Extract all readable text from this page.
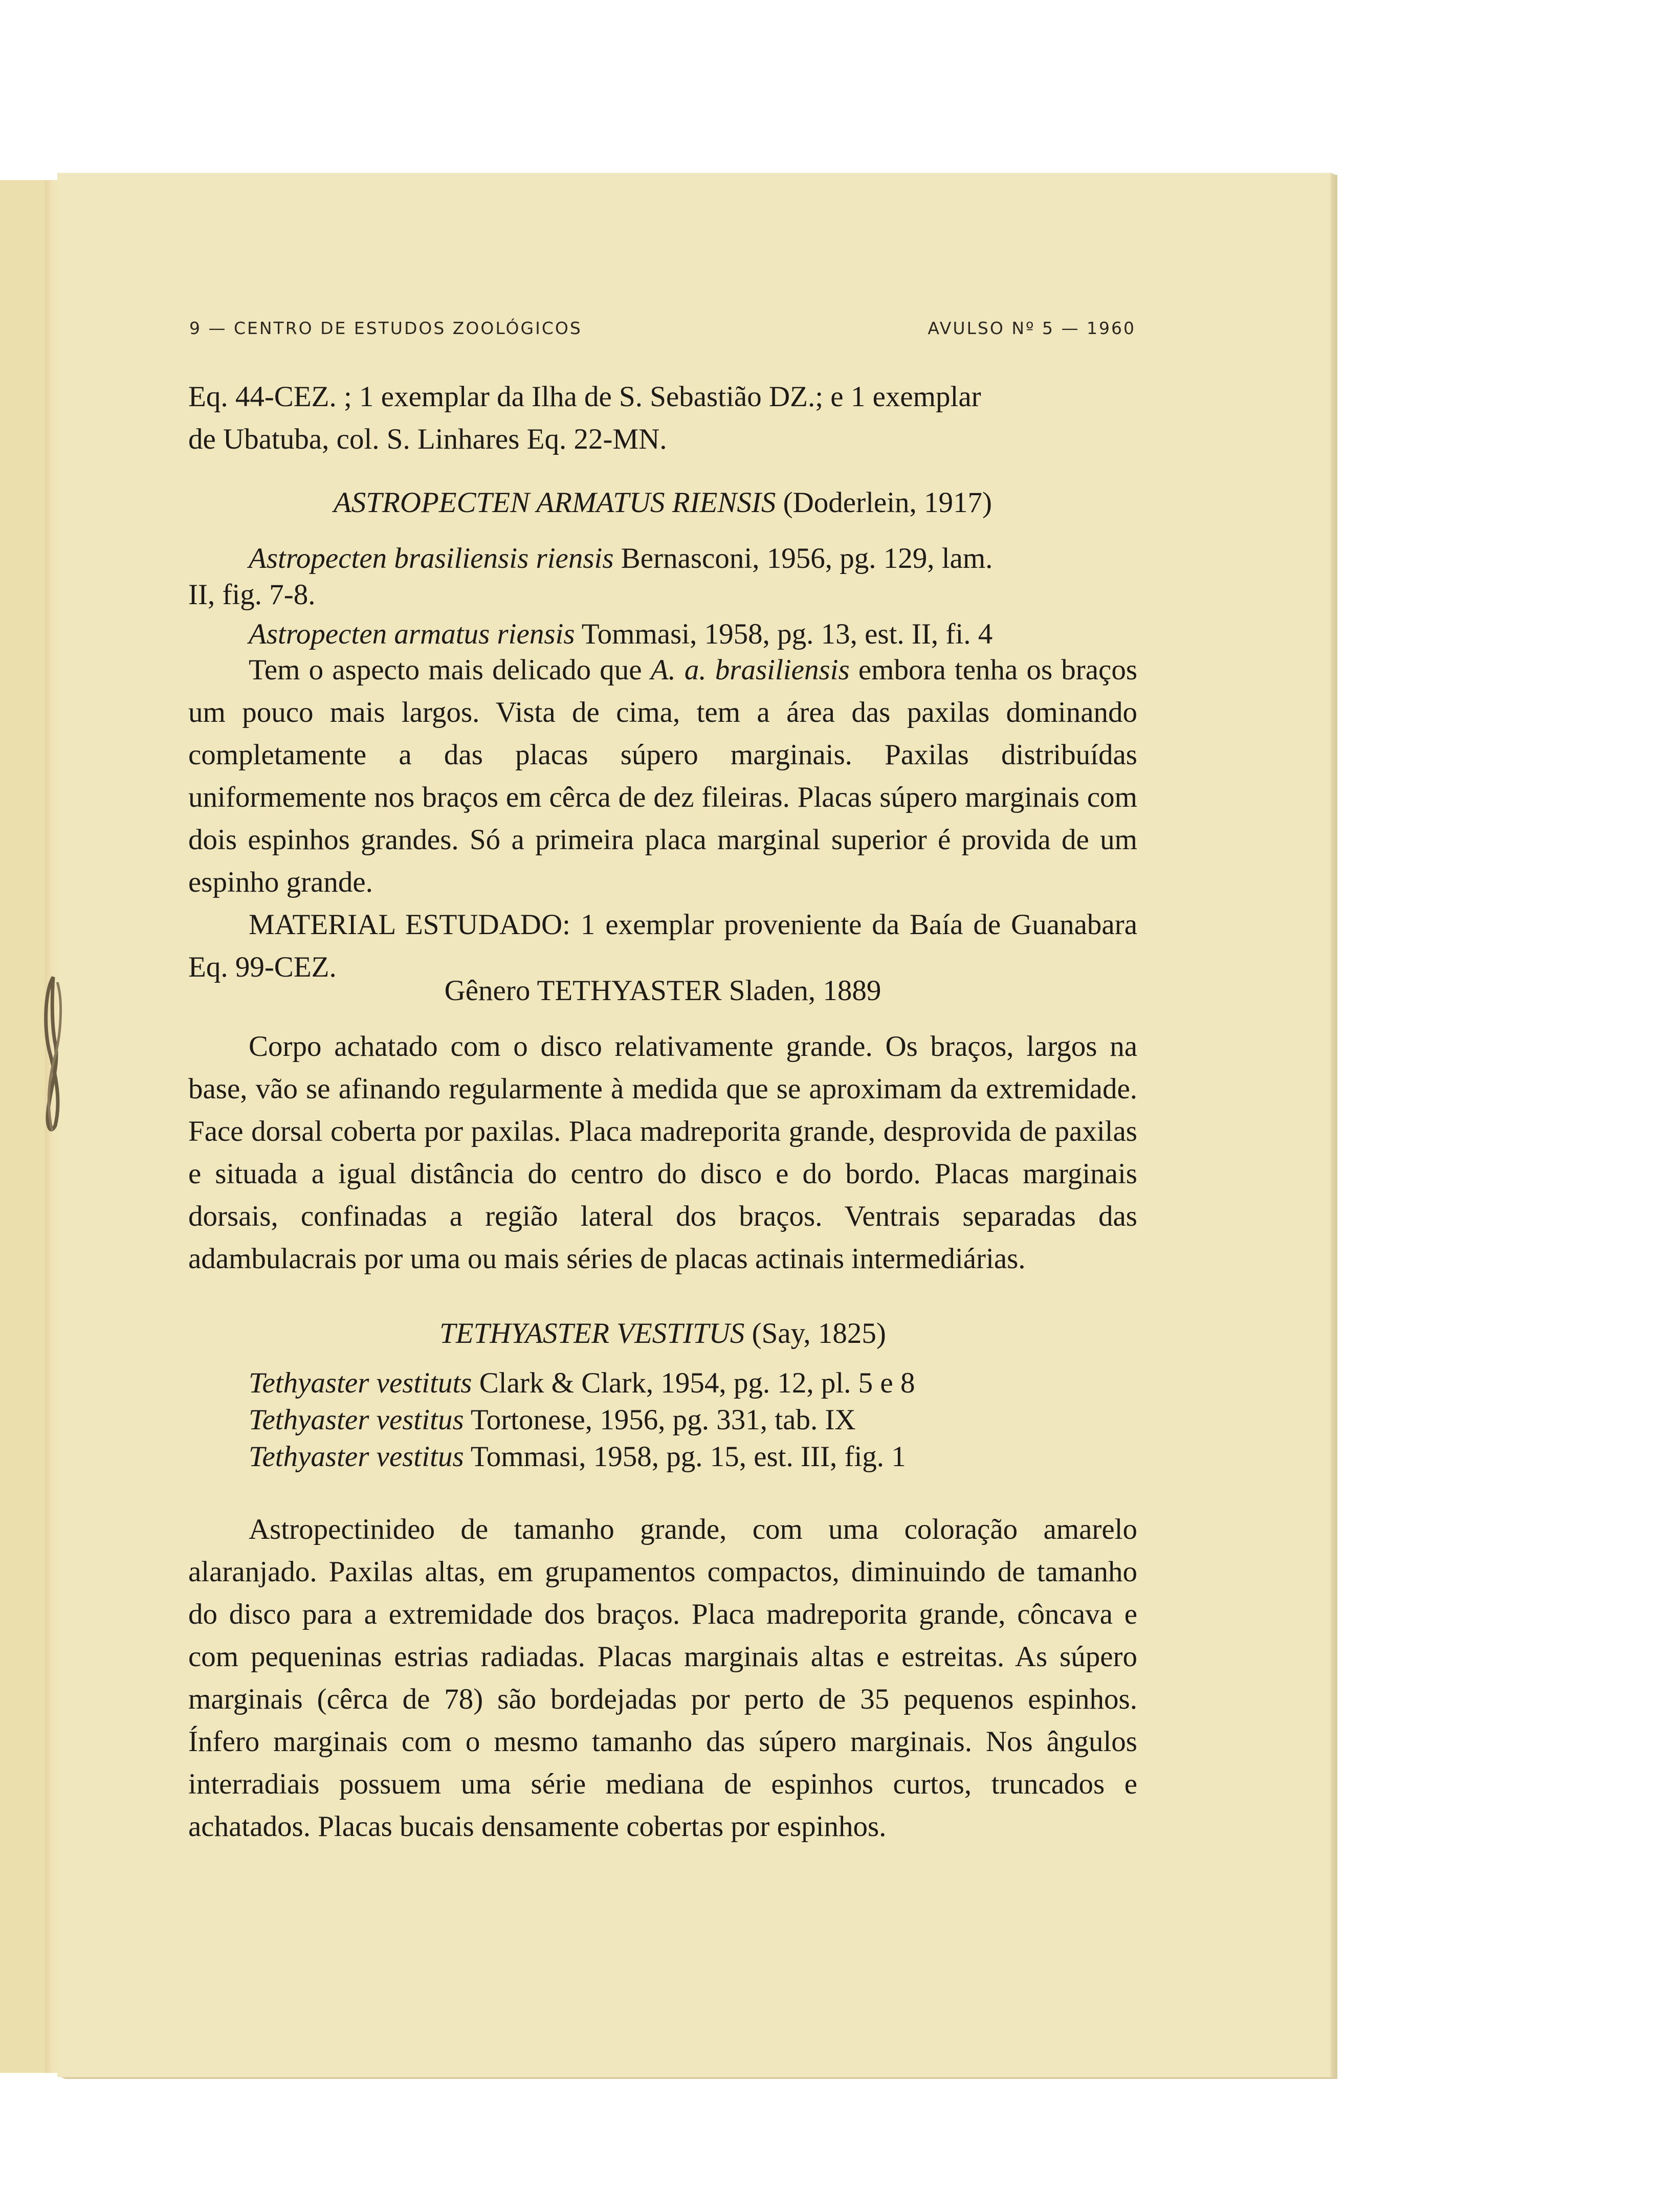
9 — CENTRO DE ESTUDOS ZOOLÓGICOS	AVULSO Nº 5 — 1960

Eq. 44-CEZ. ; 1 exemplar da Ilha de S. Sebastião DZ.; e 1 exemplar

de Ubatuba, col. S. Linhares Eq. 22-MN.

ASTROPECTEN ARMATUS RIENSIS (Doderlein, 1917)

Astropecten brasiliensis riensis Bernasconi, 1956, pg. 129, lam.

II, fig. 7-8.

Astropecten armatus riensis Tommasi, 1958, pg. 13, est. II, fi. 4

Tem o aspecto mais delicado que A. a. brasiliensis embora tenha os braços um pouco mais largos. Vista de cima, tem a área das paxilas dominando completamente a das placas súpero marginais. Paxilas distribuídas uniformemente nos braços em cêrca de dez fileiras. Placas súpero marginais com dois espinhos grandes. Só a primeira placa marginal superior é provida de um espinho grande.

MATERIAL ESTUDADO: 1 exemplar proveniente da Baía de Guanabara Eq. 99-CEZ.

Gênero TETHYASTER Sladen, 1889

Corpo achatado com o disco relativamente grande. Os braços, largos na base, vão se afinando regularmente à medida que se aproximam da extremidade. Face dorsal coberta por paxilas. Placa madreporita grande, desprovida de paxilas e situada a igual distância do centro do disco e do bordo. Placas marginais dorsais, confinadas a região lateral dos braços. Ventrais separadas das adambulacrais por uma ou mais séries de placas actinais intermediárias.

TETHYASTER VESTITUS (Say, 1825)

Tethyaster vestituts Clark & Clark, 1954, pg. 12, pl. 5 e 8

Tethyaster vestitus Tortonese, 1956, pg. 331, tab. IX

Tethyaster vestitus Tommasi, 1958, pg. 15, est. III, fig. 1

Astropectinideo de tamanho grande, com uma coloração amarelo alaranjado. Paxilas altas, em grupamentos compactos, diminuindo de tamanho do disco para a extremidade dos braços. Placa madreporita grande, côncava e com pequeninas estrias radiadas. Placas marginais altas e estreitas. As súpero marginais (cêrca de 78) são bordejadas por perto de 35 pequenos espinhos. Ínfero marginais com o mesmo tamanho das súpero marginais. Nos ângulos interradiais possuem uma série mediana de espinhos curtos, truncados e achatados. Placas bucais densamente cobertas por espinhos.
